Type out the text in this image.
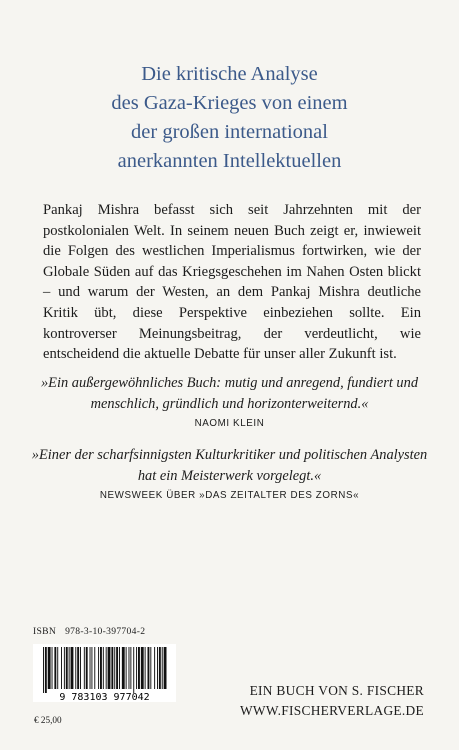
Die kritische Analyse
des Gaza-Krieges von einem
der großen international
anerkannten Intellektuellen
Pankaj Mishra befasst sich seit Jahrzehnten mit der postkolonialen Welt. In seinem neuen Buch zeigt er, inwieweit die Folgen des westlichen Imperialismus fortwirken, wie der Globale Süden auf das Kriegsgeschehen im Nahen Osten blickt – und warum der Westen, an dem Pankaj Mishra deutliche Kritik übt, diese Perspektive einbeziehen sollte. Ein kontroverser Meinungsbeitrag, der verdeutlicht, wie entscheidend die aktuelle Debatte für unser aller Zukunft ist.
»Ein außergewöhnliches Buch: mutig und anregend, fundiert und menschlich, gründlich und horizonterweiternd.«
NAOMI KLEIN
»Einer der scharfsinnigsten Kulturkritiker und politischen Analysten hat ein Meisterwerk vorgelegt.«
NEWSWEEK ÜBER »DAS ZEITALTER DES ZORNS«
ISBN 978-3-10-397704-2
9 783103 977042
€ 25,00
EIN BUCH VON S. FISCHER
WWW.FISCHERVERLAGE.DE
